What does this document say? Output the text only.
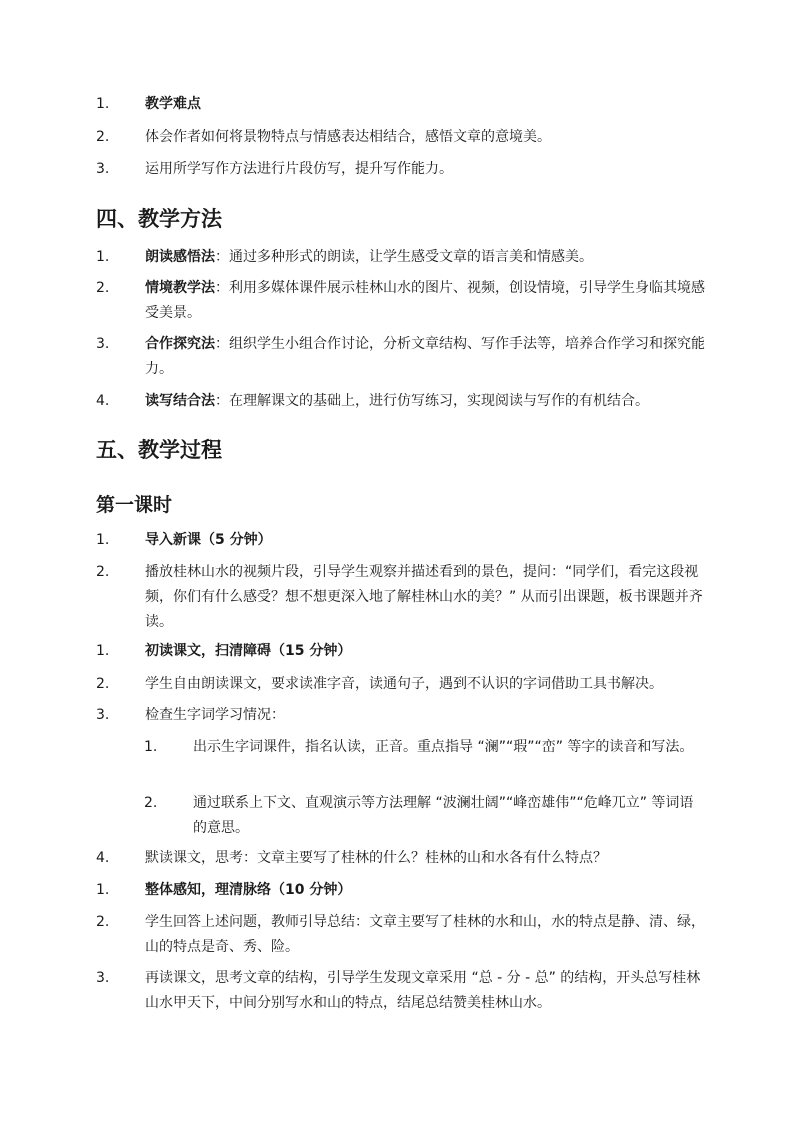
1.	教学难点
2.	体会作者如何将景物特点与情感表达相结合，感悟文章的意境美。
3.	运用所学写作方法进行片段仿写，提升写作能力。
四、教学方法
1.	朗读感悟法：通过多种形式的朗读，让学生感受文章的语言美和情感美。
2.	情境教学法：利用多媒体课件展示桂林山水的图片、视频，创设情境，引导学生身临其境感受美景。
3.	合作探究法：组织学生小组合作讨论，分析文章结构、写作手法等，培养合作学习和探究能力。
4.	读写结合法：在理解课文的基础上，进行仿写练习，实现阅读与写作的有机结合。
五、教学过程
第一课时
1.	导入新课（5 分钟）
2.	播放桂林山水的视频片段，引导学生观察并描述看到的景色，提问：“同学们，看完这段视频，你们有什么感受？想不想更深入地了解桂林山水的美？” 从而引出课题，板书课题并齐读。
1.	初读课文，扫清障碍（15 分钟）
2.	学生自由朗读课文，要求读准字音，读通句子，遇到不认识的字词借助工具书解决。
3.	检查生字词学习情况：
1.	出示生字词课件，指名认读，正音。重点指导 “澜”“瑕”“峦” 等字的读音和写法。
2.	通过联系上下文、直观演示等方法理解 “波澜壮阔”“峰峦雄伟”“危峰兀立” 等词语的意思。
4.	默读课文，思考：文章主要写了桂林的什么？桂林的山和水各有什么特点？
1.	整体感知，理清脉络（10 分钟）
2.	学生回答上述问题，教师引导总结：文章主要写了桂林的水和山，水的特点是静、清、绿，山的特点是奇、秀、险。
3.	再读课文，思考文章的结构，引导学生发现文章采用 “总 - 分 - 总” 的结构，开头总写桂林山水甲天下，中间分别写水和山的特点，结尾总结赞美桂林山水。
